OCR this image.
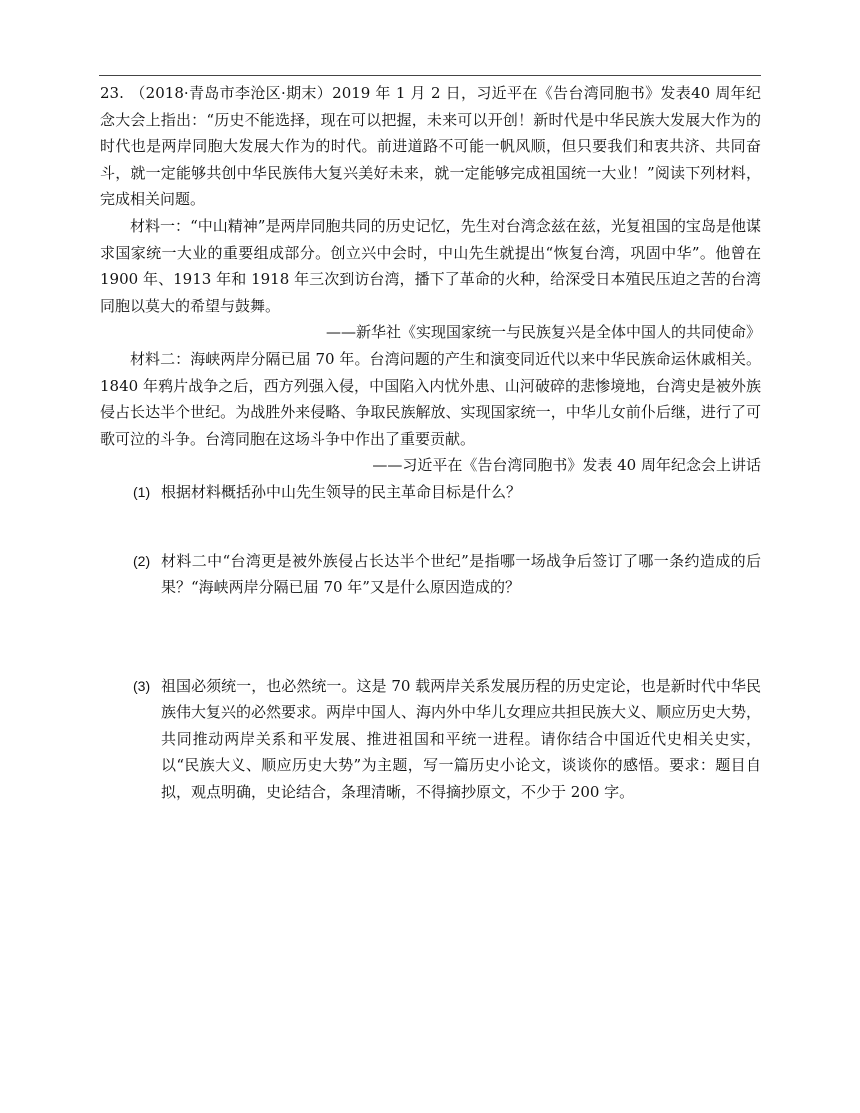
23. （2018·青岛市李沧区·期末）2019 年 1 月 2 日，习近平在《告台湾同胞书》发表40 周年纪念大会上指出：“历史不能选择，现在可以把握，未来可以开创！新时代是中华民族大发展大作为的时代也是两岸同胞大发展大作为的时代。前进道路不可能一帆风顺，但只要我们和衷共济、共同奋斗，就一定能够共创中华民族伟大复兴美好未来，就一定能够完成祖国统一大业！”阅读下列材料，完成相关问题。

材料一：“中山精神”是两岸同胞共同的历史记忆，先生对台湾念兹在兹，光复祖国的宝岛是他谋求国家统一大业的重要组成部分。创立兴中会时，中山先生就提出“恢复台湾，巩固中华”。他曾在 1900 年、1913 年和 1918 年三次到访台湾，播下了革命的火种，给深受日本殖民压迫之苦的台湾同胞以莫大的希望与鼓舞。

——新华社《实现国家统一与民族复兴是全体中国人的共同使命》

材料二：海峡两岸分隔已届 70 年。台湾问题的产生和演变同近代以来中华民族命运休戚相关。1840 年鸦片战争之后，西方列强入侵，中国陷入内忧外患、山河破碎的悲惨境地，台湾史是被外族侵占长达半个世纪。为战胜外来侵略、争取民族解放、实现国家统一，中华儿女前仆后继，进行了可歌可泣的斗争。台湾同胞在这场斗争中作出了重要贡献。

——习近平在《告台湾同胞书》发表 40 周年纪念会上讲话

(1) 根据材料概括孙中山先生领导的民主革命目标是什么？
(2) 材料二中“台湾更是被外族侵占长达半个世纪”是指哪一场战争后签订了哪一条约造成的后果？“海峡两岸分隔已届 70 年”又是什么原因造成的？
(3) 祖国必须统一，也必然统一。这是 70 载两岸关系发展历程的历史定论，也是新时代中华民族伟大复兴的必然要求。两岸中国人、海内外中华儿女理应共担民族大义、顺应历史大势，共同推动两岸关系和平发展、推进祖国和平统一进程。请你结合中国近代史相关史实，以“民族大义、顺应历史大势”为主题，写一篇历史小论文，谈谈你的感悟。要求：题目自拟，观点明确，史论结合，条理清晰，不得摘抄原文，不少于 200 字。
